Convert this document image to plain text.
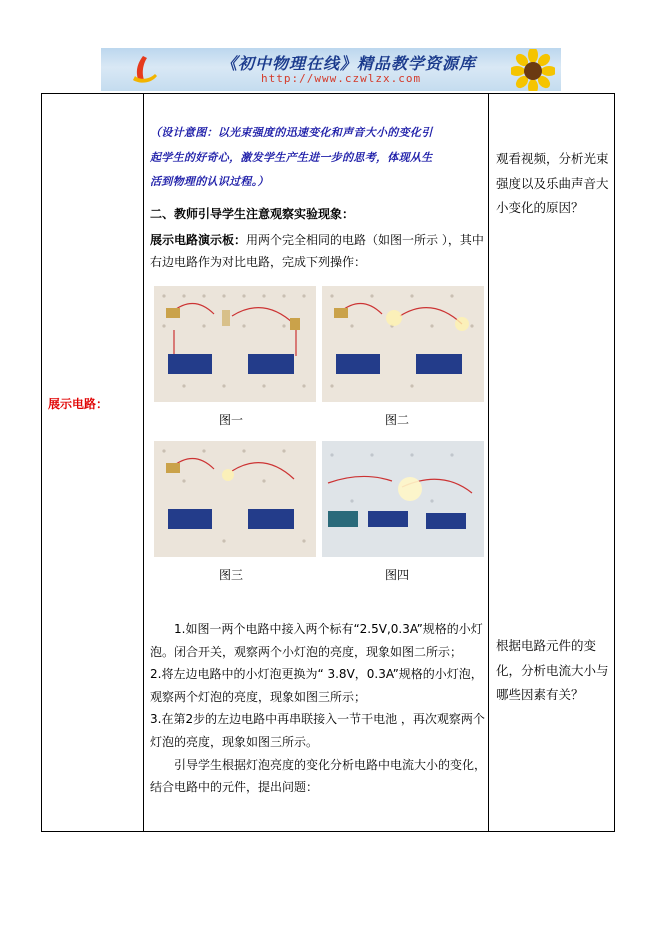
《初中物理在线》精品教学资源库
http://www.czwlzx.com
展示电路：

（设计意图：以光束强度的迅速变化和声音大小的变化引

起学生的好奇心，激发学生产生进一步的思考，体现从生

活到物理的认识过程。）

二、教师引导学生注意观察实验现象：
展示电路演示板：用两个完全相同的电路（如图一所示 ），其中右边电路作为对比电路，完成下列操作：
图一	图二
图三	图四

1.如图一两个电路中接入两个标有“2.5V,0.3A”规格的小灯泡。闭合开关，观察两个小灯泡的亮度，现象如图二所示；

2.将左边电路中的小灯泡更换为“ 3.8V，0.3A”规格的小灯泡，观察两个灯泡的亮度，现象如图三所示；

3.在第2步的左边电路中再串联接入一节干电池 ，再次观察两个灯泡的亮度，现象如图三所示。

引导学生根据灯泡亮度的变化分析电路中电流大小的变化，结合电路中的元件，提出问题：

观看视频，分析光束强度以及乐曲声音大小变化的原因？
根据电路元件的变化，分析电流大小与哪些因素有关？
